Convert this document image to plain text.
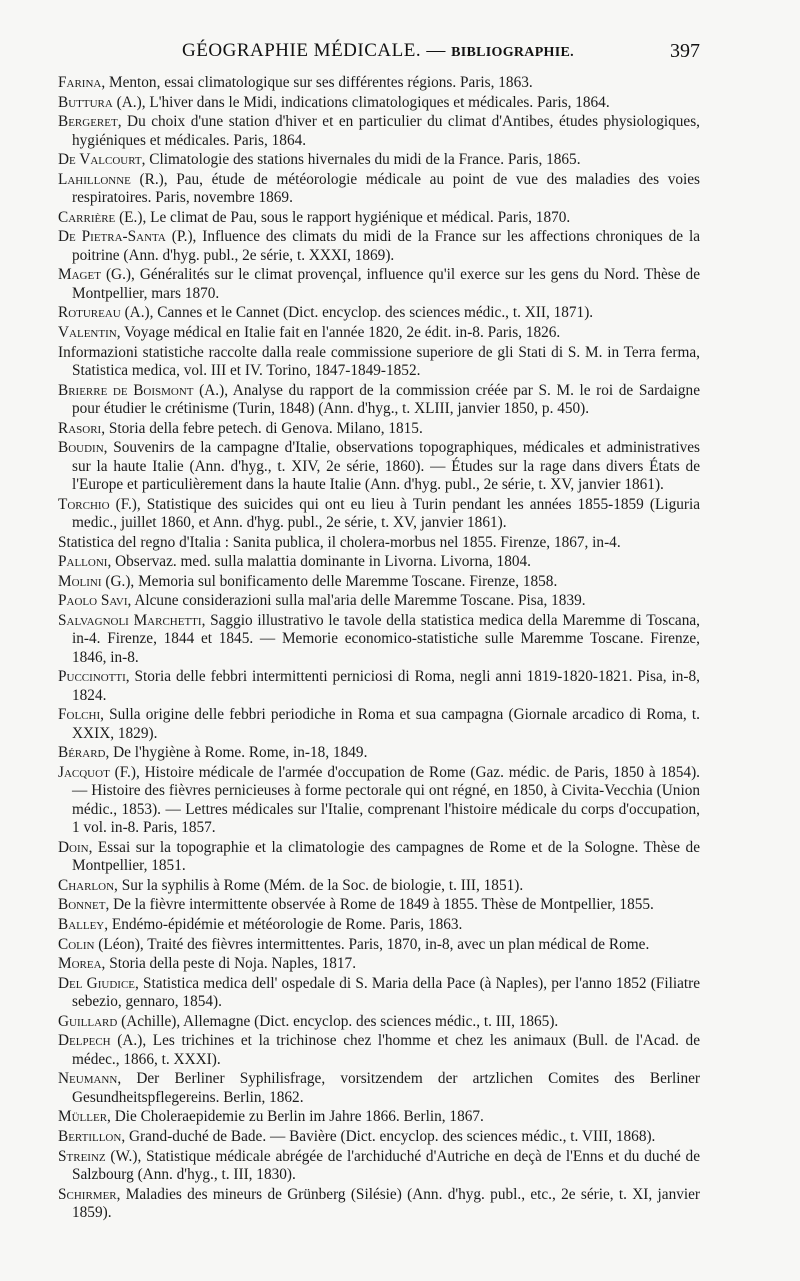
GÉOGRAPHIE MÉDICALE. — BIBLIOGRAPHIE.	397

Farina, Menton, essai climatologique sur ses différentes régions. Paris, 1863.

Buttura (A.), L'hiver dans le Midi, indications climatologiques et médicales. Paris, 1864.

Bergeret, Du choix d'une station d'hiver et en particulier du climat d'Antibes, études physiologiques, hygiéniques et médicales. Paris, 1864.

De Valcourt, Climatologie des stations hivernales du midi de la France. Paris, 1865.

Lahillonne (R.), Pau, étude de météorologie médicale au point de vue des maladies des voies respiratoires. Paris, novembre 1869.

Carrière (E.), Le climat de Pau, sous le rapport hygiénique et médical. Paris, 1870.

De Pietra-Santa (P.), Influence des climats du midi de la France sur les affections chroniques de la poitrine (Ann. d'hyg. publ., 2e série, t. XXXI, 1869).

Maget (G.), Généralités sur le climat provençal, influence qu'il exerce sur les gens du Nord. Thèse de Montpellier, mars 1870.

Rotureau (A.), Cannes et le Cannet (Dict. encyclop. des sciences médic., t. XII, 1871).

Valentin, Voyage médical en Italie fait en l'année 1820, 2e édit. in-8. Paris, 1826.

Informazioni statistiche raccolte dalla reale commissione superiore de gli Stati di S. M. in Terra ferma, Statistica medica, vol. III et IV. Torino, 1847-1849-1852.

Brierre de Boismont (A.), Analyse du rapport de la commission créée par S. M. le roi de Sardaigne pour étudier le crétinisme (Turin, 1848) (Ann. d'hyg., t. XLIII, janvier 1850, p. 450).

Rasori, Storia della febre petech. di Genova. Milano, 1815.

Boudin, Souvenirs de la campagne d'Italie, observations topographiques, médicales et administratives sur la haute Italie (Ann. d'hyg., t. XIV, 2e série, 1860). — Études sur la rage dans divers États de l'Europe et particulièrement dans la haute Italie (Ann. d'hyg. publ., 2e série, t. XV, janvier 1861).

Torchio (F.), Statistique des suicides qui ont eu lieu à Turin pendant les années 1855-1859 (Liguria medic., juillet 1860, et Ann. d'hyg. publ., 2e série, t. XV, janvier 1861).

Statistica del regno d'Italia : Sanita publica, il cholera-morbus nel 1855. Firenze, 1867, in-4.

Palloni, Observaz. med. sulla malattia dominante in Livorna. Livorna, 1804.

Molini (G.), Memoria sul bonificamento delle Maremme Toscane. Firenze, 1858.

Paolo Savi, Alcune considerazioni sulla mal'aria delle Maremme Toscane. Pisa, 1839.

Salvagnoli Marchetti, Saggio illustrativo le tavole della statistica medica della Maremme di Toscana, in-4. Firenze, 1844 et 1845. — Memorie economico-statistiche sulle Maremme Toscane. Firenze, 1846, in-8.

Puccinotti, Storia delle febbri intermittenti perniciosi di Roma, negli anni 1819-1820-1821. Pisa, in-8, 1824.

Folchi, Sulla origine delle febbri periodiche in Roma et sua campagna (Giornale arcadico di Roma, t. XXIX, 1829).

Bérard, De l'hygiène à Rome. Rome, in-18, 1849.

Jacquot (F.), Histoire médicale de l'armée d'occupation de Rome (Gaz. médic. de Paris, 1850 à 1854). — Histoire des fièvres pernicieuses à forme pectorale qui ont régné, en 1850, à Civita-Vecchia (Union médic., 1853). — Lettres médicales sur l'Italie, comprenant l'histoire médicale du corps d'occupation, 1 vol. in-8. Paris, 1857.

Doin, Essai sur la topographie et la climatologie des campagnes de Rome et de la Sologne. Thèse de Montpellier, 1851.

Charlon, Sur la syphilis à Rome (Mém. de la Soc. de biologie, t. III, 1851).

Bonnet, De la fièvre intermittente observée à Rome de 1849 à 1855. Thèse de Montpellier, 1855.

Balley, Endémo-épidémie et météorologie de Rome. Paris, 1863.

Colin (Léon), Traité des fièvres intermittentes. Paris, 1870, in-8, avec un plan médical de Rome.

Morea, Storia della peste di Noja. Naples, 1817.

Del Giudice, Statistica medica dell' ospedale di S. Maria della Pace (à Naples), per l'anno 1852 (Filiatre sebezio, gennaro, 1854).

Guillard (Achille), Allemagne (Dict. encyclop. des sciences médic., t. III, 1865).

Delpech (A.), Les trichines et la trichinose chez l'homme et chez les animaux (Bull. de l'Acad. de médec., 1866, t. XXXI).

Neumann, Der Berliner Syphilisfrage, vorsitzendem der artzlichen Comites des Berliner Gesundheitspflegereins. Berlin, 1862.

Müller, Die Choleraepidemie zu Berlin im Jahre 1866. Berlin, 1867.

Bertillon, Grand-duché de Bade. — Bavière (Dict. encyclop. des sciences médic., t. VIII, 1868).

Streinz (W.), Statistique médicale abrégée de l'archiduché d'Autriche en deçà de l'Enns et du duché de Salzbourg (Ann. d'hyg., t. III, 1830).

Schirmer, Maladies des mineurs de Grünberg (Silésie) (Ann. d'hyg. publ., etc., 2e série, t. XI, janvier 1859).
